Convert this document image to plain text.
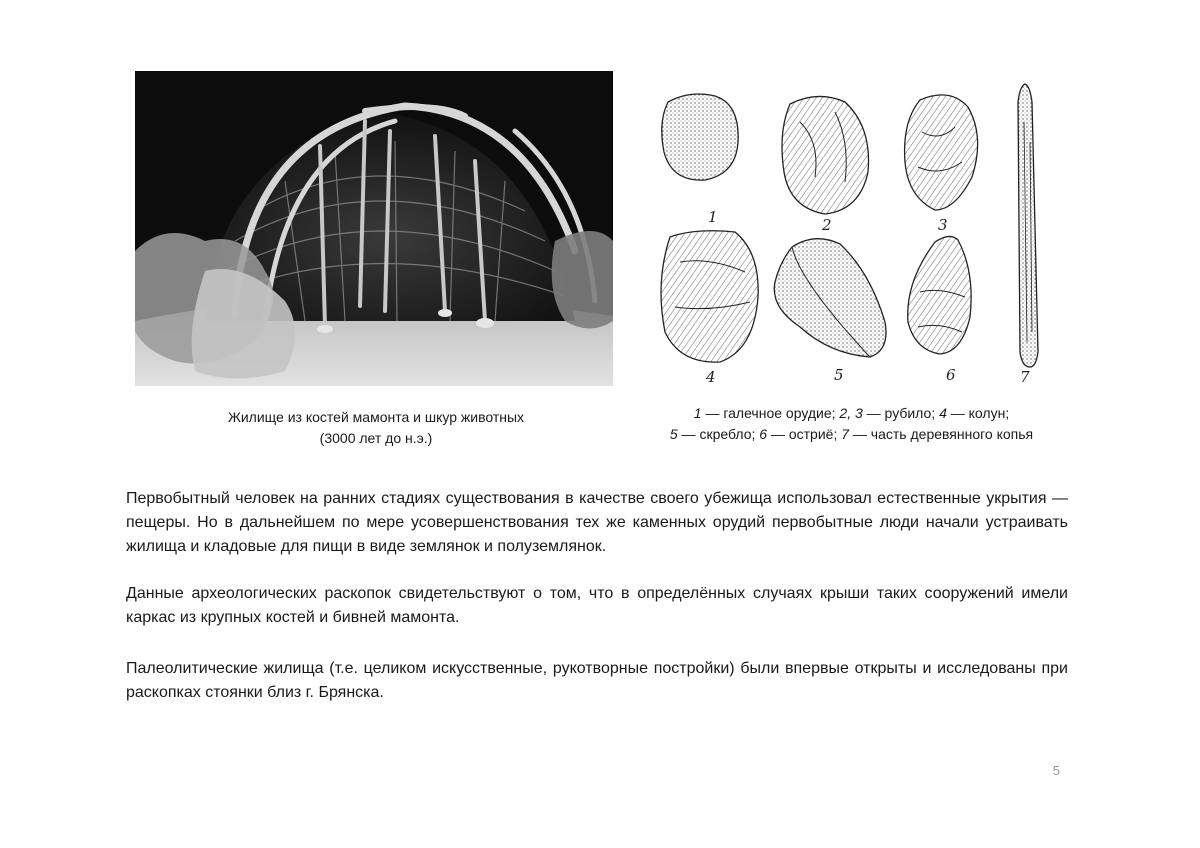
Жилище из костей мамонта и шкур животных
(3000 лет до н.э.)
1	2	3
4	5	6	7
1 — галечное орудие; 2, 3 — рубило; 4 — колун;
5 — скребло; 6 — остриё; 7 — часть деревянного копья

Первобытный человек на ранних стадиях существования в качестве своего убежища использовал естественные укрытия — пещеры. Но в дальнейшем по мере усовершенствования тех же каменных орудий первобытные люди начали устраивать жилища и кладовые для пищи в виде землянок и полуземлянок.

Данные археологических раскопок свидетельствуют о том, что в определённых случаях крыши таких сооружений имели каркас из крупных костей и бивней мамонта.

Палеолитические жилища (т.е. целиком искусственные, рукотворные постройки) были впервые открыты и исследованы при раскопках стоянки близ г. Брянска.

5
